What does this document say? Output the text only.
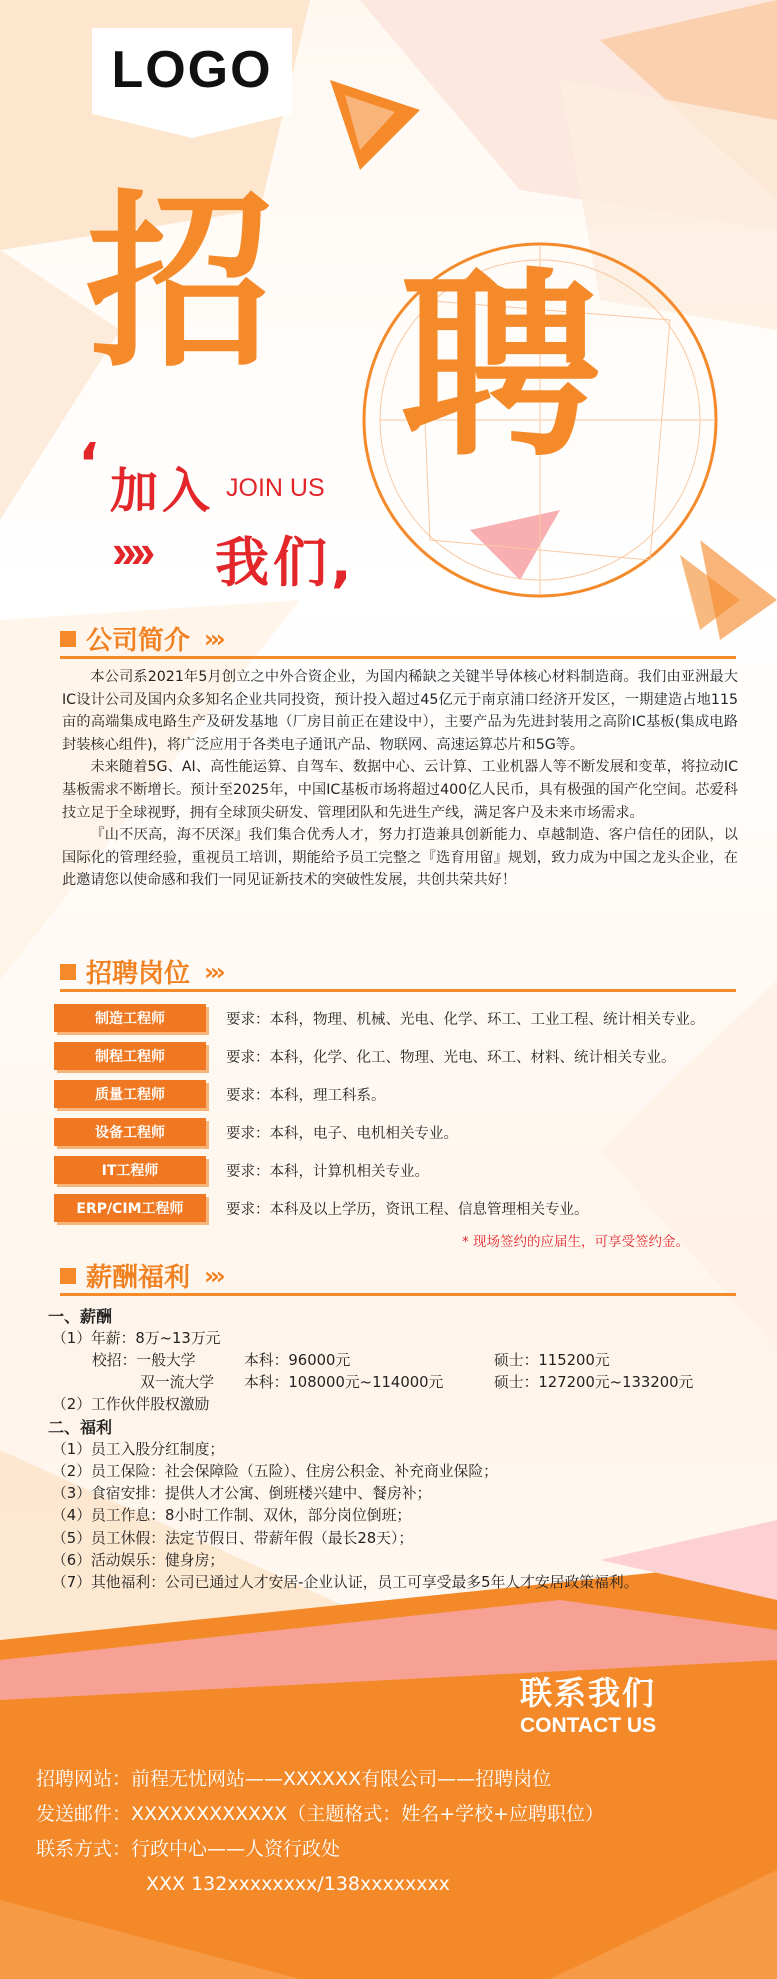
LOGO
招 聘
‘ 加入 JOIN US
›››› 我们,
公司简介 ›››

本公司系2021年5月创立之中外合资企业，为国内稀缺之关键半导体核心材料制造商。我们由亚洲最大IC设计公司及国内众多知名企业共同投资，预计投入超过45亿元于南京浦口经济开发区，一期建造占地115亩的高端集成电路生产及研发基地（厂房目前正在建设中），主要产品为先进封装用之高阶IC基板(集成电路封装核心组件)，将广泛应用于各类电子通讯产品、物联网、高速运算芯片和5G等。

未来随着5G、AI、高性能运算、自驾车、数据中心、云计算、工业机器人等不断发展和变革，将拉动IC基板需求不断增长。预计至2025年，中国IC基板市场将超过400亿人民币，具有极强的国产化空间。芯爱科技立足于全球视野，拥有全球顶尖研发、管理团队和先进生产线，满足客户及未来市场需求。

『山不厌高，海不厌深』我们集合优秀人才，努力打造兼具创新能力、卓越制造、客户信任的团队，以国际化的管理经验，重视员工培训，期能给予员工完整之『选育用留』规划，致力成为中国之龙头企业，在此邀请您以使命感和我们一同见证新技术的突破性发展，共创共荣共好！

招聘岗位 ›››
制造工程师	要求：本科，物理、机械、光电、化学、环工、工业工程、统计相关专业。
制程工程师	要求：本科，化学、化工、物理、光电、环工、材料、统计相关专业。
质量工程师	要求：本科，理工科系。
设备工程师	要求：本科，电子、电机相关专业。
IT工程师	要求：本科，计算机相关专业。
ERP/CIM工程师	要求：本科及以上学历，资讯工程、信息管理相关专业。
* 现场签约的应届生，可享受签约金。
薪酬福利 ›››
一、薪酬
（1）年薪：8万~13万元
校招：一般大学	本科：96000元	硕士：115200元
双一流大学 本科：108000元~114000元	硕士：127200元~133200元
（2）工作伙伴股权激励
二、福利
（1）员工入股分红制度；
（2）员工保险：社会保障险（五险）、住房公积金、补充商业保险；
（3）食宿安排：提供人才公寓、倒班楼兴建中、餐房补；
（4）员工作息：8小时工作制、双休，部分岗位倒班；
（5）员工休假：法定节假日、带薪年假（最长28天）；
（6）活动娱乐：健身房；
（7）其他福利：公司已通过人才安居-企业认证，员工可享受最多5年人才安居政策福利。
联系我们
CONTACT US
招聘网站：前程无忧网站——XXXXXX有限公司——招聘岗位
发送邮件：XXXXXXXXXXXX（主题格式：姓名+学校+应聘职位）
联系方式：行政中心——人资行政处
XXX 132xxxxxxxx/138xxxxxxxx
